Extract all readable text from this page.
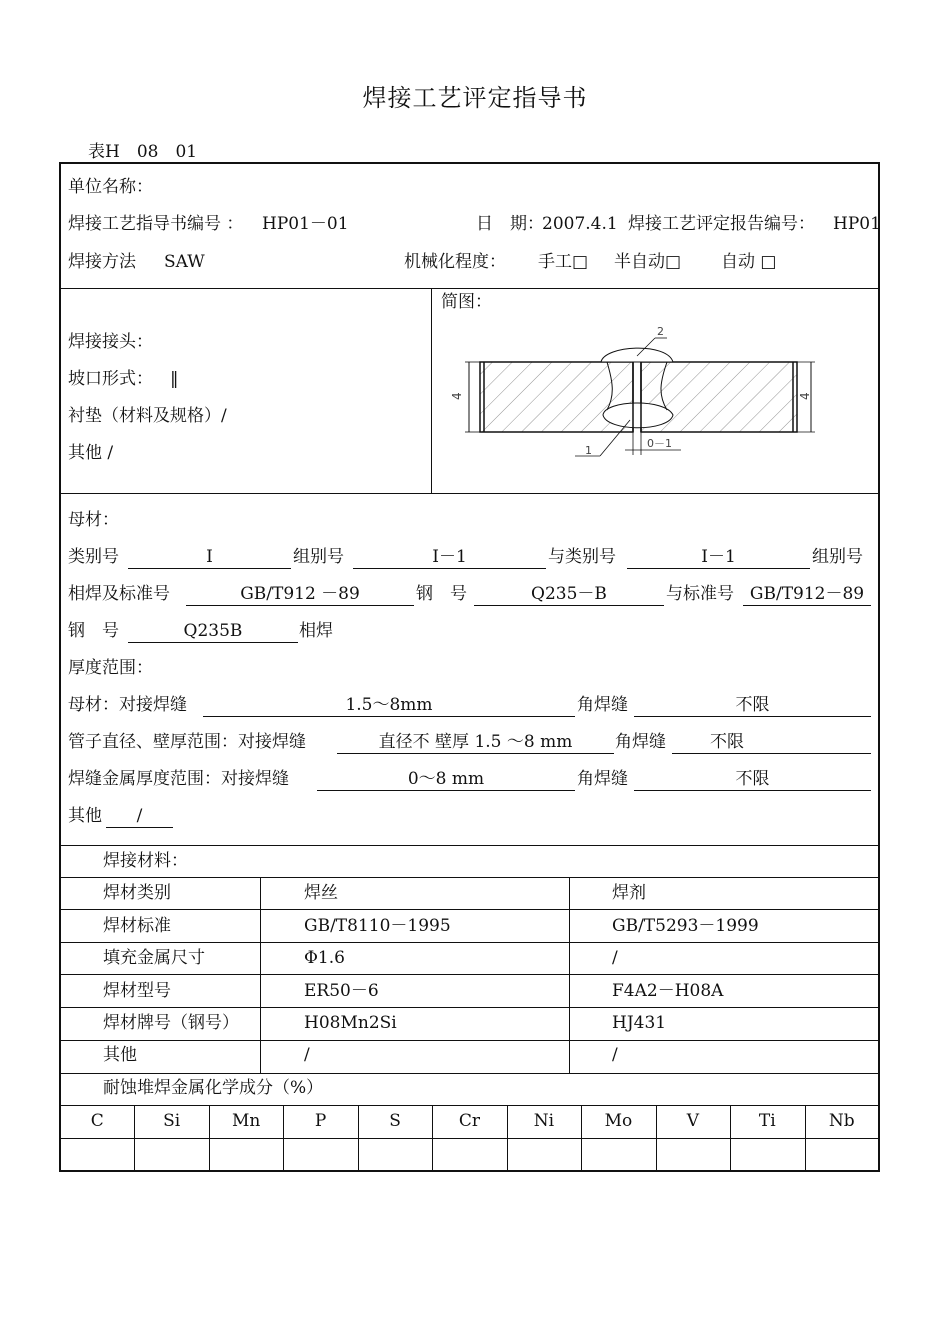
焊接工艺评定指导书
表H　08　01
单位名称：
焊接工艺指导书编号 ： HP01－01	日　期：
2007.4.1 焊接工艺评定报告编号： HP01
焊接方法 SAW	机械化程度： 手工□ 半自动□ 自动 □
焊接接头：
坡口形式： ‖
衬垫（材料及规格）/
其他 /
简图：
4	4
2
1
0－1
母材：
类别号	Ⅰ	组别号	Ⅰ－1	与类别号	Ⅰ－1	组别号
相焊及标准号	GB/T912 －89	钢　号	Q235－B	与标准号 GB/T912－89
钢　号	Q235B	相焊
厚度范围：
母材：对接焊缝	1.5～8mm	角焊缝	不限
管子直径、壁厚范围：对接焊缝	直径不 壁厚 1.5 ～8 mm	角焊缝	不限
焊缝金属厚度范围：对接焊缝	0～8 mm	角焊缝	不限
其他	/
焊接材料：
焊材类别	焊丝	焊剂
焊材标准	GB/T8110－1995	GB/T5293－1999
填充金属尺寸	Φ1.6	/
焊材型号	ER50－6	F4A2－H08A
焊材牌号（钢号）	H08Mn2Si	HJ431
其他	/	/
耐蚀堆焊金属化学成分（%）
C	Si	Mn	P	S	Cr	Ni	Mo	V	Ti	Nb
